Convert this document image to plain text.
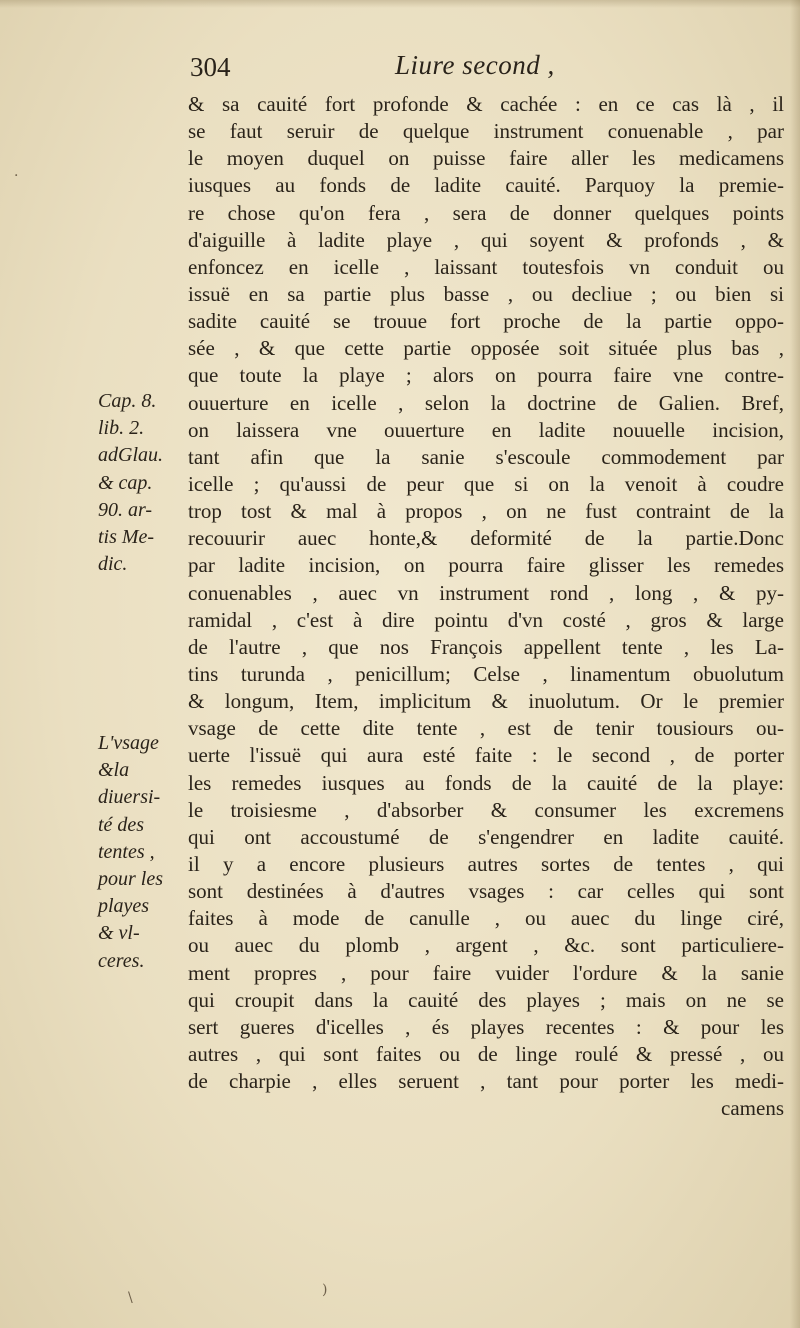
304	Liure second ,
& sa cauité fort profonde & cachée : en ce cas là , il
se faut seruir de quelque instrument conuenable , par
le moyen duquel on puisse faire aller les medicamens
iusques au fonds de ladite cauité. Parquoy la premie-
re chose qu'on fera , sera de donner quelques points
d'aiguille à ladite playe , qui soyent & profonds , &
enfoncez en icelle , laissant toutesfois vn conduit ou
issuë en sa partie plus basse , ou decliue ; ou bien si
sadite cauité se trouue fort proche de la partie oppo-
sée , & que cette partie opposée soit située plus bas ,
que toute la playe ; alors on pourra faire vne contre-
ouuerture en icelle , selon la doctrine de Galien. Bref,
on laissera vne ouuerture en ladite nouuelle incision,
tant afin que la sanie s'escoule commodement par
icelle ; qu'aussi de peur que si on la venoit à coudre
trop tost & mal à propos , on ne fust contraint de la
recouurir auec honte,& deformité de la partie.Donc
par ladite incision, on pourra faire glisser les remedes
conuenables , auec vn instrument rond , long , & py-
ramidal , c'est à dire pointu d'vn costé , gros & large
de l'autre , que nos François appellent tente , les La-
tins turunda , penicillum; Celse , linamentum obuolutum
& longum, Item, implicitum & inuolutum. Or le premier
vsage de cette dite tente , est de tenir tousiours ou-
uerte l'issuë qui aura esté faite : le second , de porter
les remedes iusques au fonds de la cauité de la playe:
le troisiesme , d'absorber & consumer les excremens
qui ont accoustumé de s'engendrer en ladite cauité.
il y a encore plusieurs autres sortes de tentes , qui
sont destinées à d'autres vsages : car celles qui sont
faites à mode de canulle , ou auec du linge ciré,
ou auec du plomb , argent , &c. sont particuliere-
ment propres , pour faire vuider l'ordure & la sanie
qui croupit dans la cauité des playes ; mais on ne se
sert gueres d'icelles , és playes recentes : & pour les
autres , qui sont faites ou de linge roulé & pressé , ou
de charpie , elles seruent , tant pour porter les medi-
camens
Cap. 8.
lib. 2.
adGlau.
& cap.
90. ar-
tis Me-
dic.
L'vsage
&la
diuersi-
té des
tentes ,
pour les
playes
& vl-
ceres.
·
)
\
